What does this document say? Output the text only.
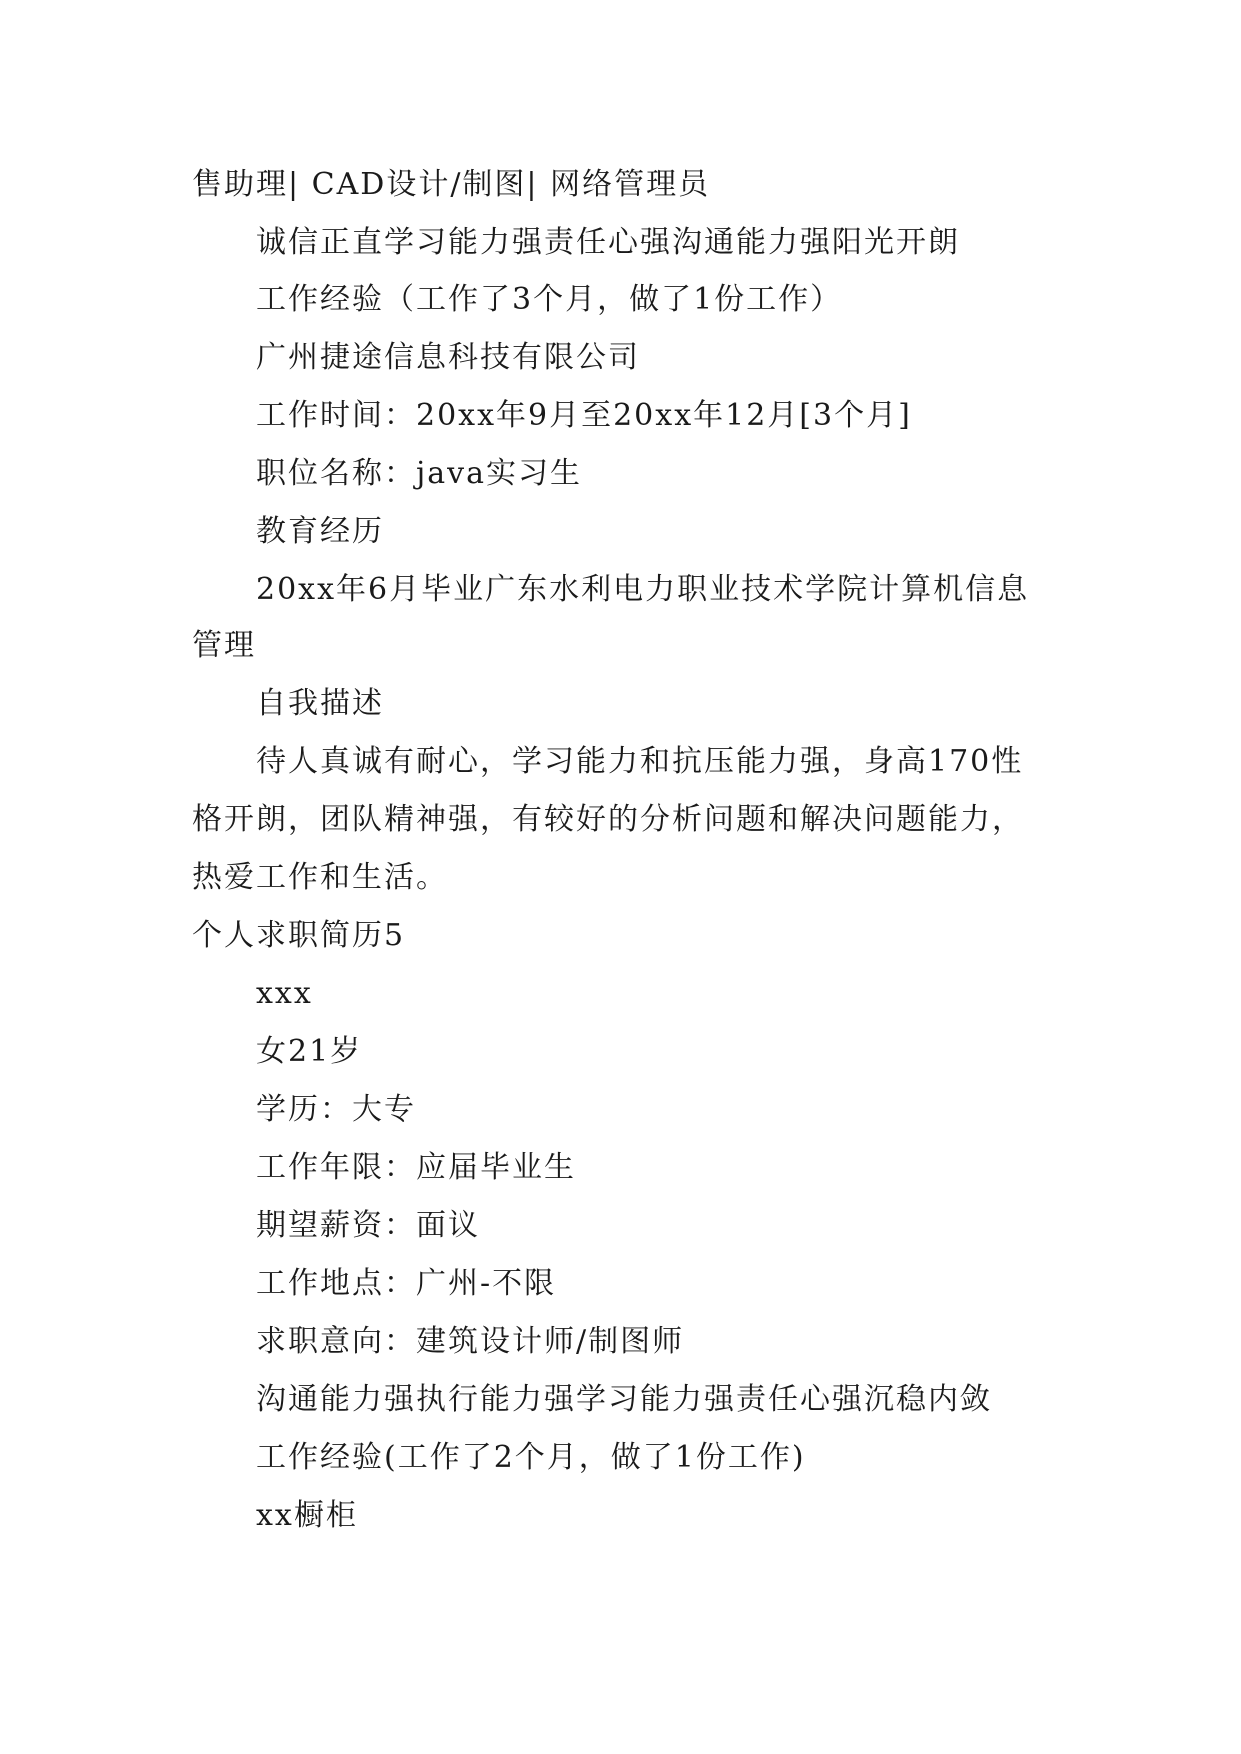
售助理| CAD设计/制图| 网络管理员
诚信正直学习能力强责任心强沟通能力强阳光开朗
工作经验（工作了3个月，做了1份工作）
广州捷途信息科技有限公司
工作时间：20xx年9月至20xx年12月[3个月]
职位名称：java实习生
教育经历
20xx年6月毕业广东水利电力职业技术学院计算机信息
管理
自我描述
待人真诚有耐心，学习能力和抗压能力强，身高170性
格开朗，团队精神强，有较好的分析问题和解决问题能力，
热爱工作和生活。
个人求职简历5
xxx
女21岁
学历：大专
工作年限：应届毕业生
期望薪资：面议
工作地点：广州-不限
求职意向：建筑设计师/制图师
沟通能力强执行能力强学习能力强责任心强沉稳内敛
工作经验(工作了2个月，做了1份工作)
xx橱柜
